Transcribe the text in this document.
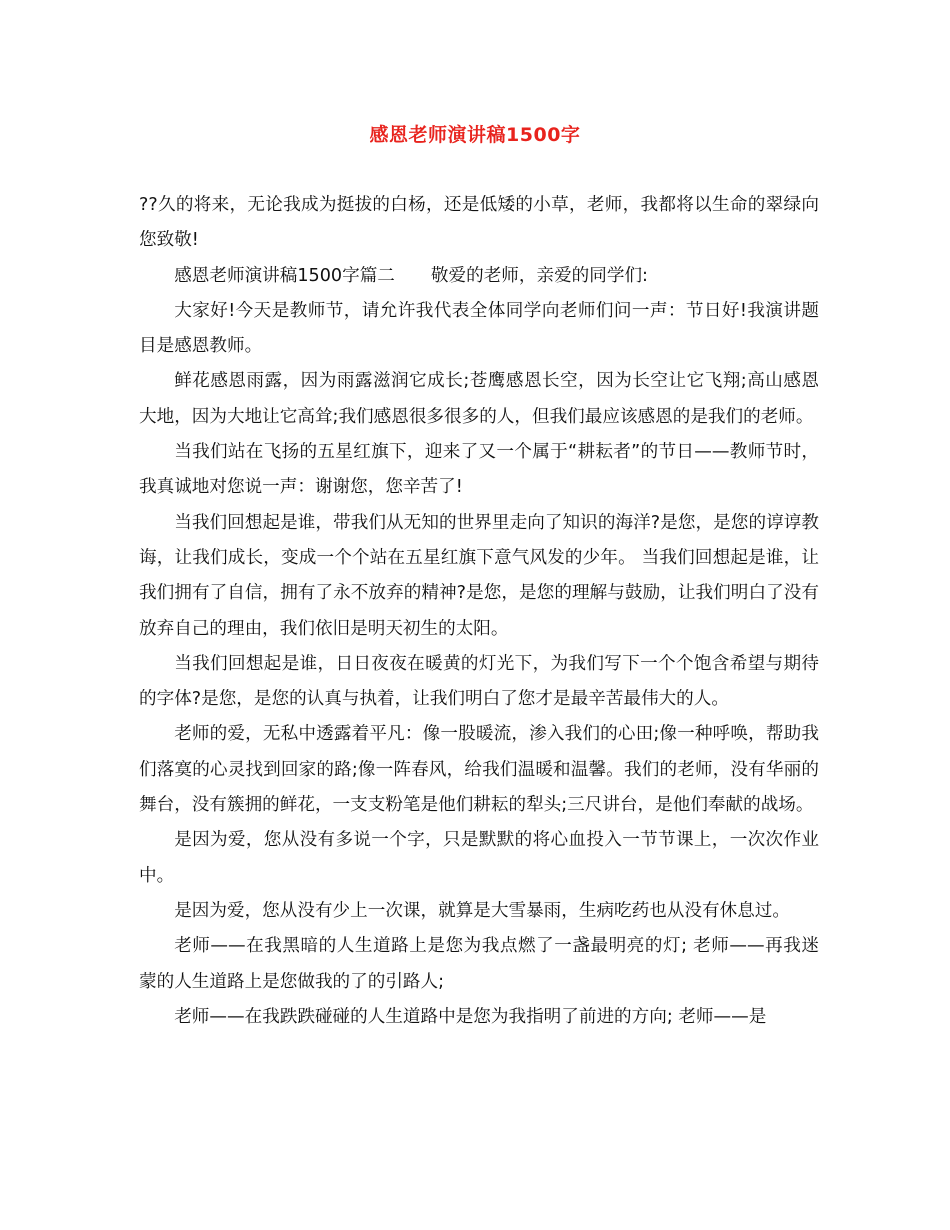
感恩老师演讲稿1500字

??久的将来，无论我成为挺拔的白杨，还是低矮的小草，老师，我都将以生命的翠绿向您致敬!

感恩老师演讲稿1500字篇二 敬爱的老师，亲爱的同学们:

大家好!今天是教师节，请允许我代表全体同学向老师们问一声：节日好!我演讲题目是感恩教师。

鲜花感恩雨露，因为雨露滋润它成长;苍鹰感恩长空，因为长空让它飞翔;高山感恩大地，因为大地让它高耸;我们感恩很多很多的人，但我们最应该感恩的是我们的老师。

当我们站在飞扬的五星红旗下，迎来了又一个属于“耕耘者”的节日——教师节时，我真诚地对您说一声：谢谢您，您辛苦了!

当我们回想起是谁，带我们从无知的世界里走向了知识的海洋?是您，是您的谆谆教诲，让我们成长，变成一个个站在五星红旗下意气风发的少年。 当我们回想起是谁，让我们拥有了自信，拥有了永不放弃的精神?是您，是您的理解与鼓励，让我们明白了没有放弃自己的理由，我们依旧是明天初生的太阳。

当我们回想起是谁，日日夜夜在暖黄的灯光下，为我们写下一个个饱含希望与期待的字体?是您，是您的认真与执着，让我们明白了您才是最辛苦最伟大的人。

老师的爱，无私中透露着平凡：像一股暖流，渗入我们的心田;像一种呼唤，帮助我们落寞的心灵找到回家的路;像一阵春风，给我们温暖和温馨。我们的老师，没有华丽的舞台，没有簇拥的鲜花，一支支粉笔是他们耕耘的犁头;三尺讲台，是他们奉献的战场。

是因为爱，您从没有多说一个字，只是默默的将心血投入一节节课上，一次次作业中。

是因为爱，您从没有少上一次课，就算是大雪暴雨，生病吃药也从没有休息过。

老师——在我黑暗的人生道路上是您为我点燃了一盏最明亮的灯; 老师——再我迷蒙的人生道路上是您做我的了的引路人;

老师——在我跌跌碰碰的人生道路中是您为我指明了前进的方向; 老师——是
